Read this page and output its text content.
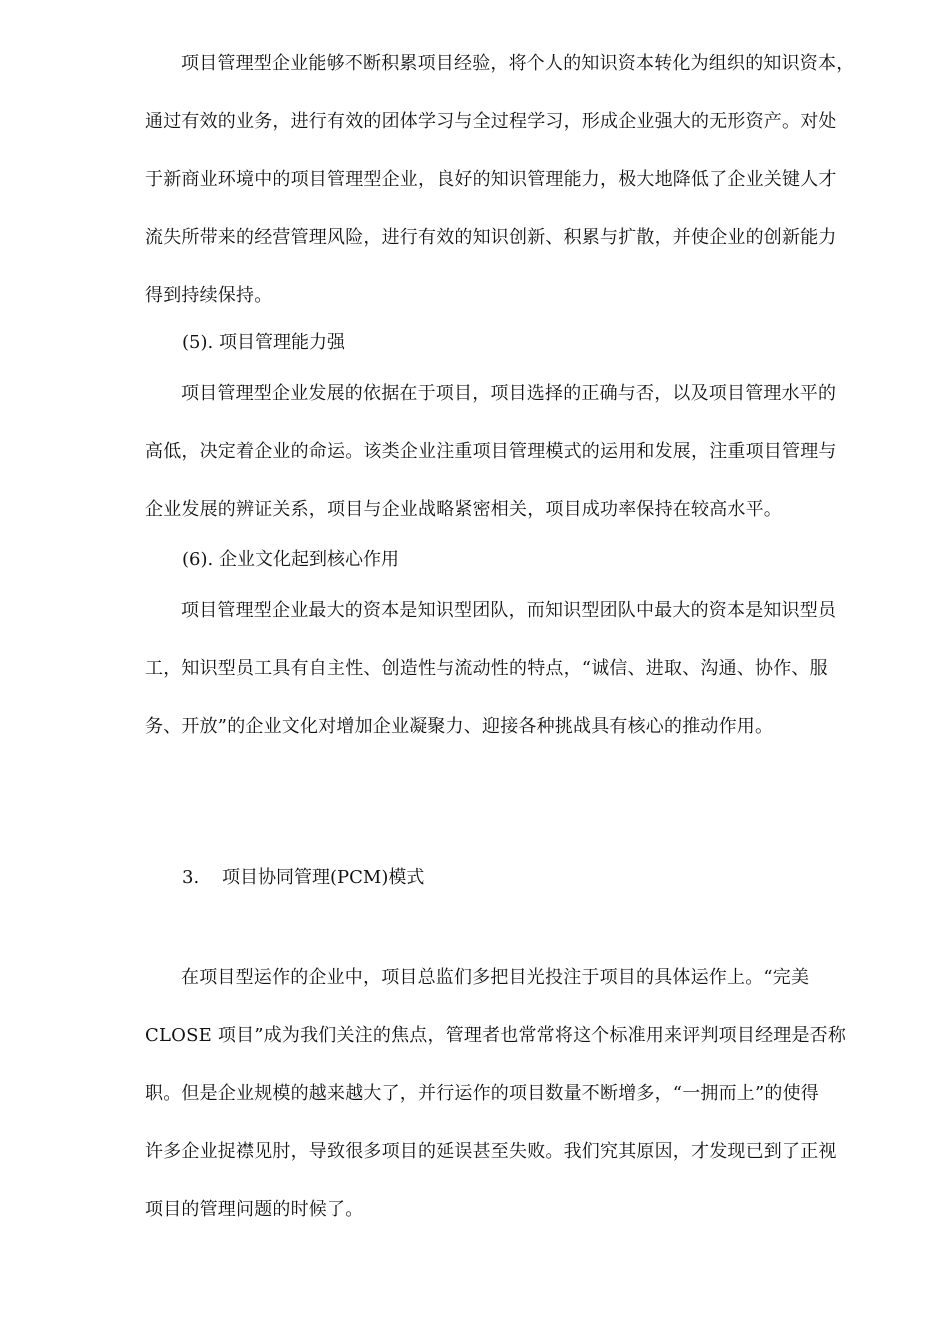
项目管理型企业能够不断积累项目经验，将个人的知识资本转化为组织的知识资本，
通过有效的业务，进行有效的团体学习与全过程学习，形成企业强大的无形资产。对处
于新商业环境中的项目管理型企业，良好的知识管理能力，极大地降低了企业关键人才
流失所带来的经营管理风险，进行有效的知识创新、积累与扩散，并使企业的创新能力
得到持续保持。

(5). 项目管理能力强

项目管理型企业发展的依据在于项目，项目选择的正确与否，以及项目管理水平的
高低，决定着企业的命运。该类企业注重项目管理模式的运用和发展，注重项目管理与
企业发展的辨证关系，项目与企业战略紧密相关，项目成功率保持在较高水平。

(6). 企业文化起到核心作用

项目管理型企业最大的资本是知识型团队，而知识型团队中最大的资本是知识型员
工，知识型员工具有自主性、创造性与流动性的特点，“诚信、进取、沟通、协作、服
务、开放”的企业文化对增加企业凝聚力、迎接各种挑战具有核心的推动作用。

3. 项目协同管理(PCM)模式

在项目型运作的企业中，项目总监们多把目光投注于项目的具体运作上。“完美
CLOSE 项目”成为我们关注的焦点，管理者也常常将这个标准用来评判项目经理是否称
职。但是企业规模的越来越大了，并行运作的项目数量不断增多，“一拥而上”的使得
许多企业捉襟见肘，导致很多项目的延误甚至失败。我们究其原因，才发现已到了正视
项目的管理问题的时候了。
